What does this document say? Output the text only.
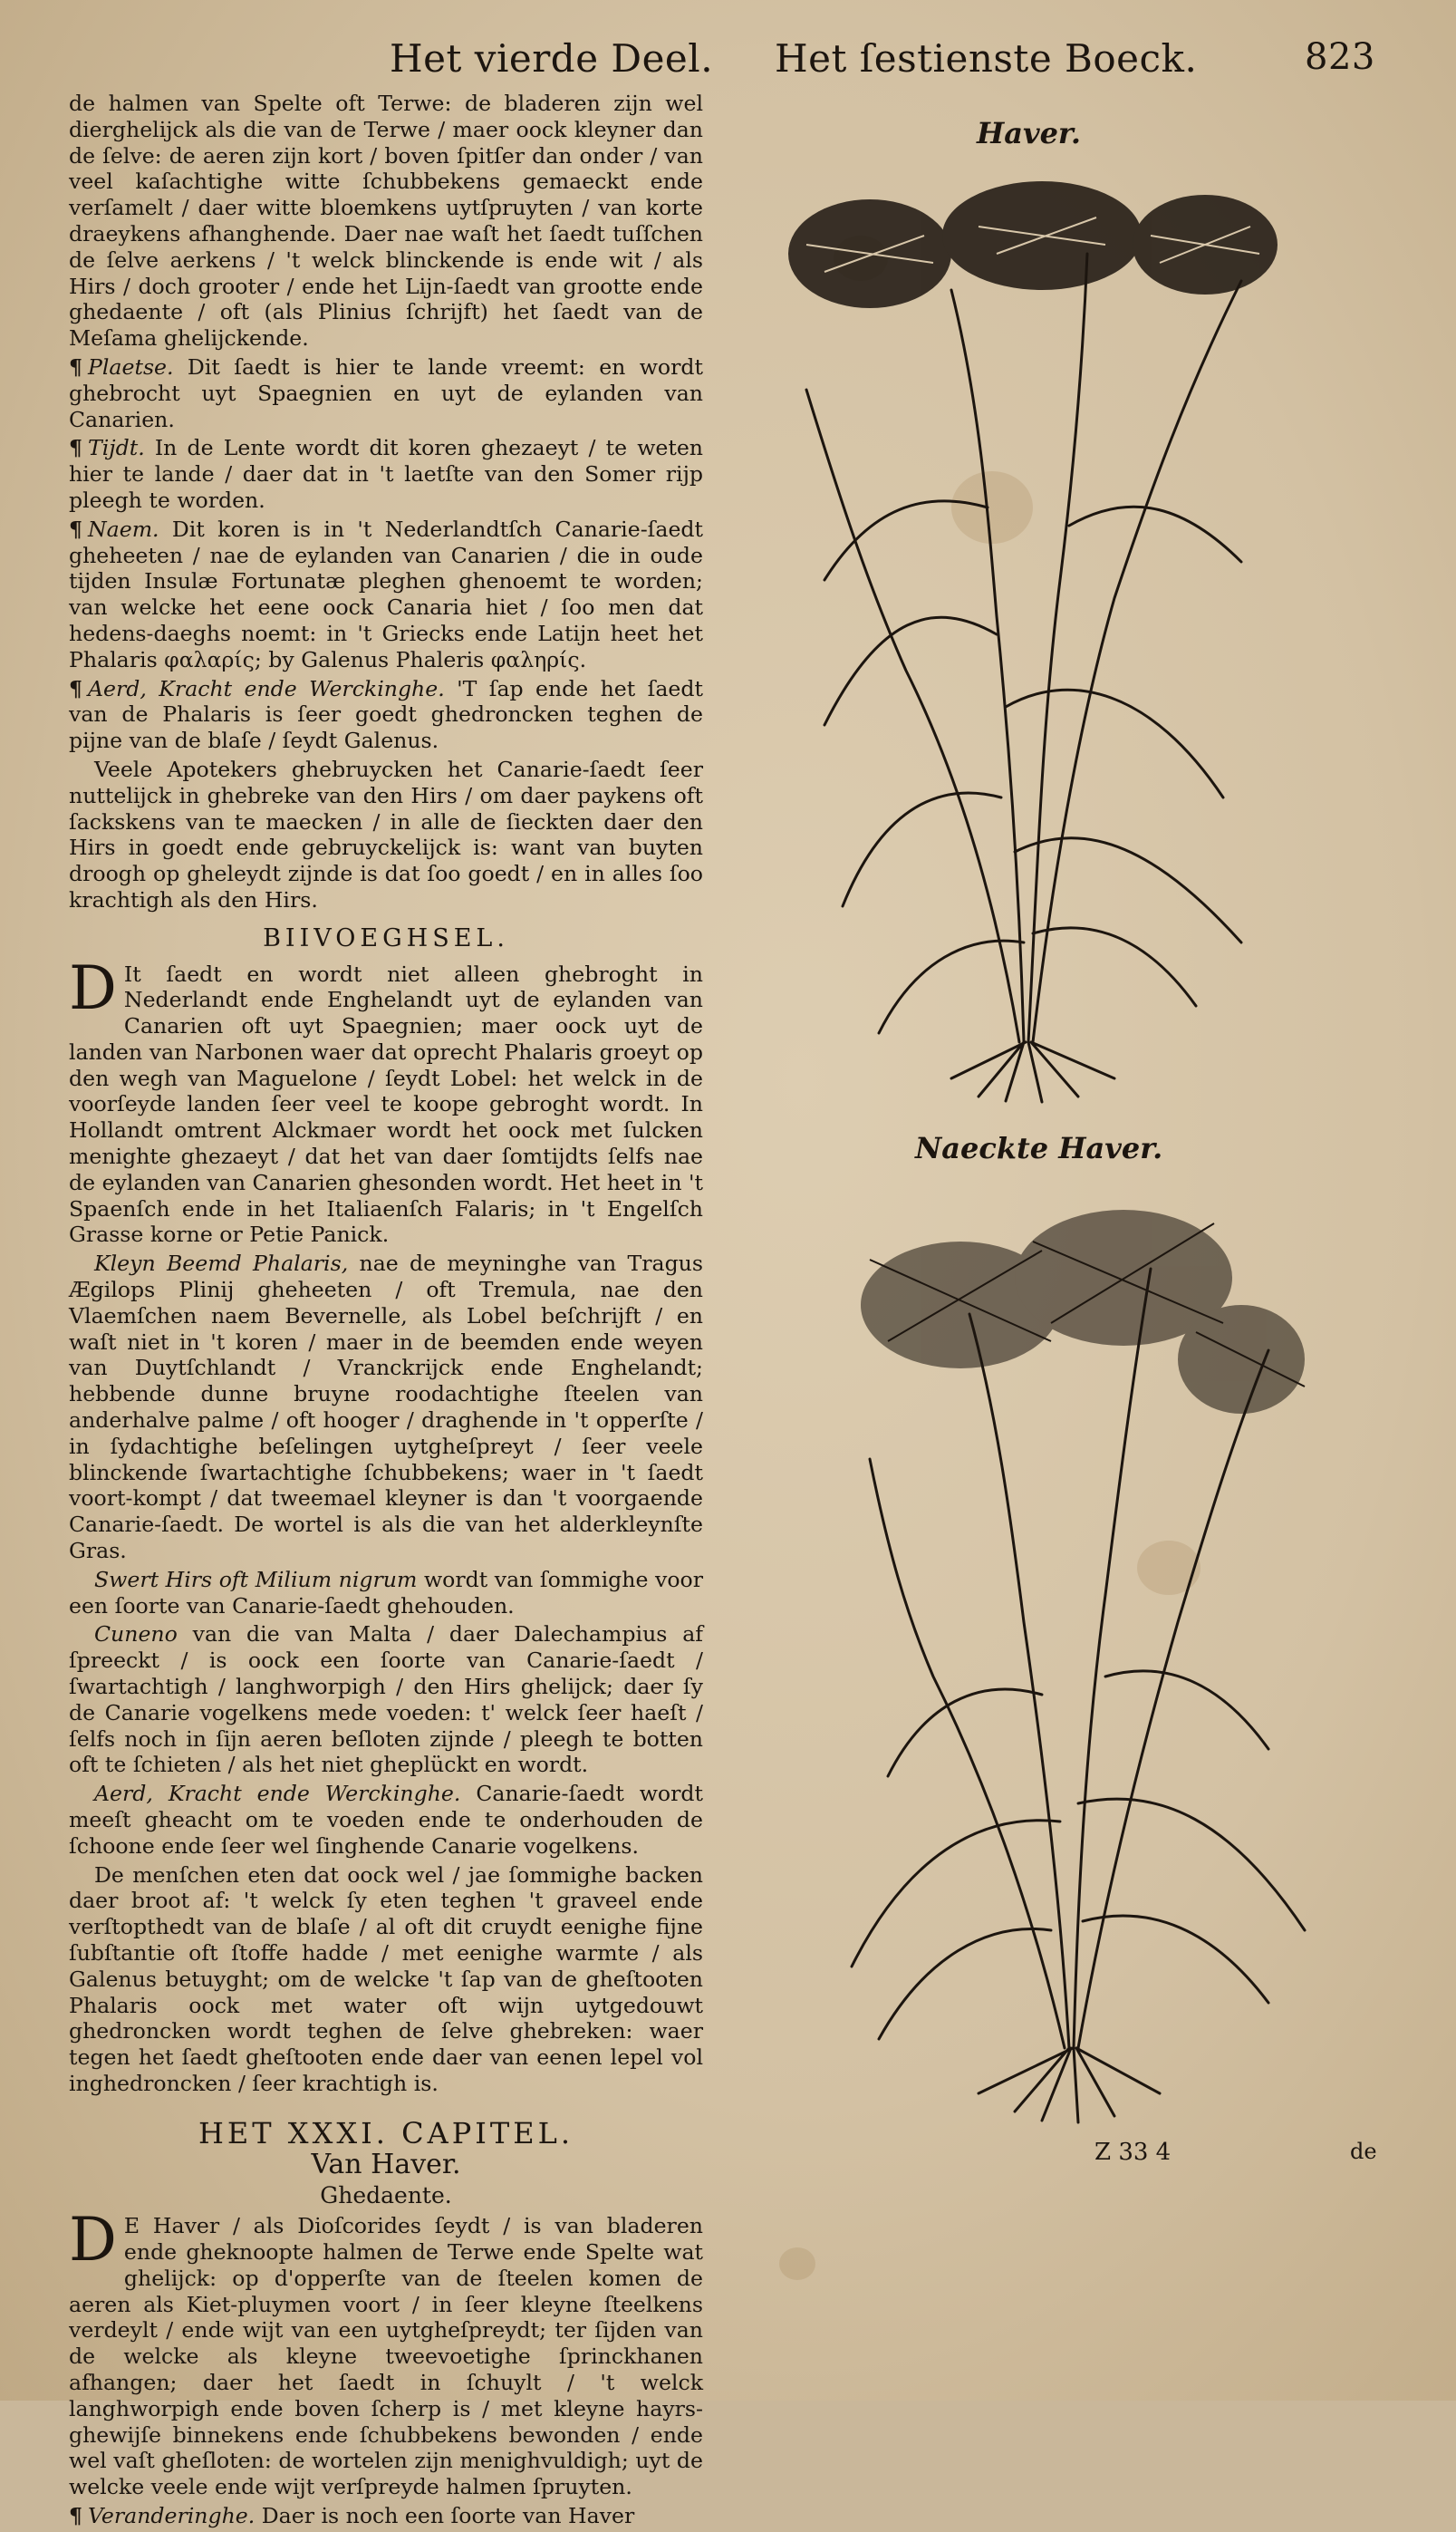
Het vierde Deel. Het ſestienste Boeck.	823

de halmen van Spelte oft Terwe: de bladeren zijn wel dierghelijck als die van de Terwe / maer oock kleyner dan de ſelve: de aeren zijn kort / boven ſpitſer dan onder / van veel kaſachtighe witte ſchubbekens gemaeckt ende verſamelt / daer witte bloemkens uytſpruyten / van korte draeykens afhanghende. Daer nae waſt het ſaedt tuſſchen de ſelve aerkens / 't welck blinckende is ende wit / als Hirs / doch grooter / ende het Lijn-ſaedt van grootte ende ghedaente / oft (als Plinius ſchrijft) het ſaedt van de Meſama ghelijckende.

¶ Plaetse. Dit ſaedt is hier te lande vreemt: en wordt ghebrocht uyt Spaegnien en uyt de eylanden van Canarien.

¶ Tijdt. In de Lente wordt dit koren ghezaeyt / te weten hier te lande / daer dat in 't laetſte van den Somer rijp pleegh te worden.

¶ Naem. Dit koren is in 't Nederlandtſch Canarie-ſaedt gheheeten / nae de eylanden van Canarien / die in oude tijden Insulæ Fortunatæ pleghen ghenoemt te worden; van welcke het eene oock Canaria hiet / ſoo men dat hedens-daeghs noemt: in 't Griecks ende Latijn heet het Phalaris φαλαρίς; by Galenus Phaleris φαληρίς.

¶ Aerd, Kracht ende Werckinghe. 'T ſap ende het ſaedt van de Phalaris is ſeer goedt ghedroncken teghen de pijne van de blaſe / ſeydt Galenus.

Veele Apotekers ghebruycken het Canarie-ſaedt ſeer nuttelijck in ghebreke van den Hirs / om daer paykens oft ſackskens van te maecken / in alle de ſieckten daer den Hirs in goedt ende gebruyckelijck is: want van buyten droogh op gheleydt zijnde is dat ſoo goedt / en in alles ſoo krachtigh als den Hirs.

BIIVOEGHSEL.

D It ſaedt en wordt niet alleen ghebroght in Nederlandt ende Enghelandt uyt de eylanden van Canarien oft uyt Spaegnien; maer oock uyt de landen van Narbonen waer dat oprecht Phalaris groeyt op den wegh van Maguelone / ſeydt Lobel: het welck in de voorſeyde landen ſeer veel te koope gebroght wordt. In Hollandt omtrent Alckmaer wordt het oock met ſulcken menighte ghezaeyt / dat het van daer ſomtijdts ſelfs nae de eylanden van Canarien ghesonden wordt. Het heet in 't Spaenſch ende in het Italiaenſch Falaris; in 't Engelſch Grasse korne or Petie Panick.

Kleyn Beemd Phalaris, nae de meyninghe van Tragus Ægilops Plinij gheheeten / oft Tremula, nae den Vlaemſchen naem Bevernelle, als Lobel beſchrijft / en waſt niet in 't koren / maer in de beemden ende weyen van Duytſchlandt / Vranckrijck ende Enghelandt; hebbende dunne bruyne roodachtighe ſteelen van anderhalve palme / oft hooger / draghende in 't opperſte / in ſydachtighe beſelingen uytgheſpreyt / ſeer veele blinckende ſwartachtighe ſchubbekens; waer in 't ſaedt voort-kompt / dat tweemael kleyner is dan 't voorgaende Canarie-ſaedt. De wortel is als die van het alderkleynſte Gras.

Swert Hirs oft Milium nigrum wordt van ſommighe voor een ſoorte van Canarie-ſaedt ghehouden.

Cuneno van die van Malta / daer Dalechampius af ſpreeckt / is oock een ſoorte van Canarie-ſaedt / ſwartachtigh / langhworpigh / den Hirs ghelijck; daer ſy de Canarie vogelkens mede voeden: t' welck ſeer haeſt / ſelfs noch in ſijn aeren beſloten zijnde / pleegh te botten oft te ſchieten / als het niet gheplückt en wordt.

Aerd, Kracht ende Werckinghe. Canarie-ſaedt wordt meeſt gheacht om te voeden ende te onderhouden de ſchoone ende ſeer wel ſinghende Canarie vogelkens.

De menſchen eten dat oock wel / jae ſommighe backen daer broot af: 't welck ſy eten teghen 't graveel ende verſtopthedt van de blaſe / al oft dit cruydt eenighe fijne ſubſtantie oft ſtoffe hadde / met eenighe warmte / als Galenus betuyght; om de welcke 't ſap van de gheſtooten Phalaris oock met water oft wijn uytgedouwt ghedroncken wordt teghen de ſelve ghebreken: waer tegen het ſaedt gheſtooten ende daer van eenen lepel vol inghedroncken / ſeer krachtigh is.

HET XXXI. CAPITEL.
Van Haver.
Ghedaente.

D E Haver / als Dioſcorides ſeydt / is van bladeren ende gheknoopte halmen de Terwe ende Spelte wat ghelijck: op d'opperſte van de ſteelen komen de aeren als Kiet-pluymen voort / in ſeer kleyne ſteelkens verdeylt / ende wijt van een uytgheſpreydt; ter ſijden van de welcke als kleyne tweevoetighe ſprinckhanen afhangen; daer het ſaedt in ſchuylt / 't welck langhworpigh ende boven ſcherp is / met kleyne hayrs-ghewijſe binnekens ende ſchubbekens bewonden / ende wel vaſt gheſloten: de wortelen zijn menighvuldigh; uyt de welcke veele ende wijt verſpreyde halmen ſpruyten.

¶ Veranderinghe. Daer is noch een ſoorte van Haver

Haver.
Naeckte Haver.
Z 33 4	de
